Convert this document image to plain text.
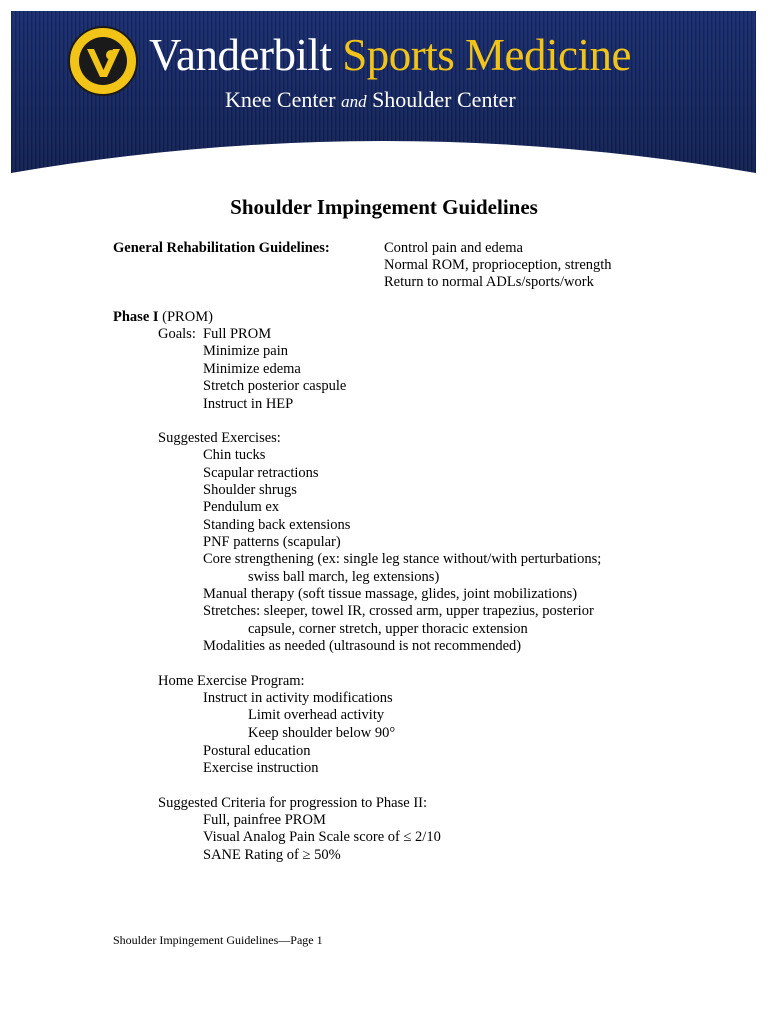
Vanderbilt Sports Medicine
Knee Center and Shoulder Center
Shoulder Impingement Guidelines
General Rehabilitation Guidelines:	Control pain and edema
Normal ROM, proprioception, strength
Return to normal ADLs/sports/work
Phase I (PROM)
Goals: Full PROM
Minimize pain
Minimize edema
Stretch posterior caspule
Instruct in HEP
Suggested Exercises:
Chin tucks
Scapular retractions
Shoulder shrugs
Pendulum ex
Standing back extensions
PNF patterns (scapular)
Core strengthening (ex: single leg stance without/with perturbations;
swiss ball march, leg extensions)
Manual therapy (soft tissue massage, glides, joint mobilizations)
Stretches: sleeper, towel IR, crossed arm, upper trapezius, posterior
capsule, corner stretch, upper thoracic extension
Modalities as needed (ultrasound is not recommended)
Home Exercise Program:
Instruct in activity modifications
Limit overhead activity
Keep shoulder below 90°
Postural education
Exercise instruction
Suggested Criteria for progression to Phase II:
Full, painfree PROM
Visual Analog Pain Scale score of ≤ 2/10
SANE Rating of ≥ 50%
Shoulder Impingement Guidelines—Page 1
